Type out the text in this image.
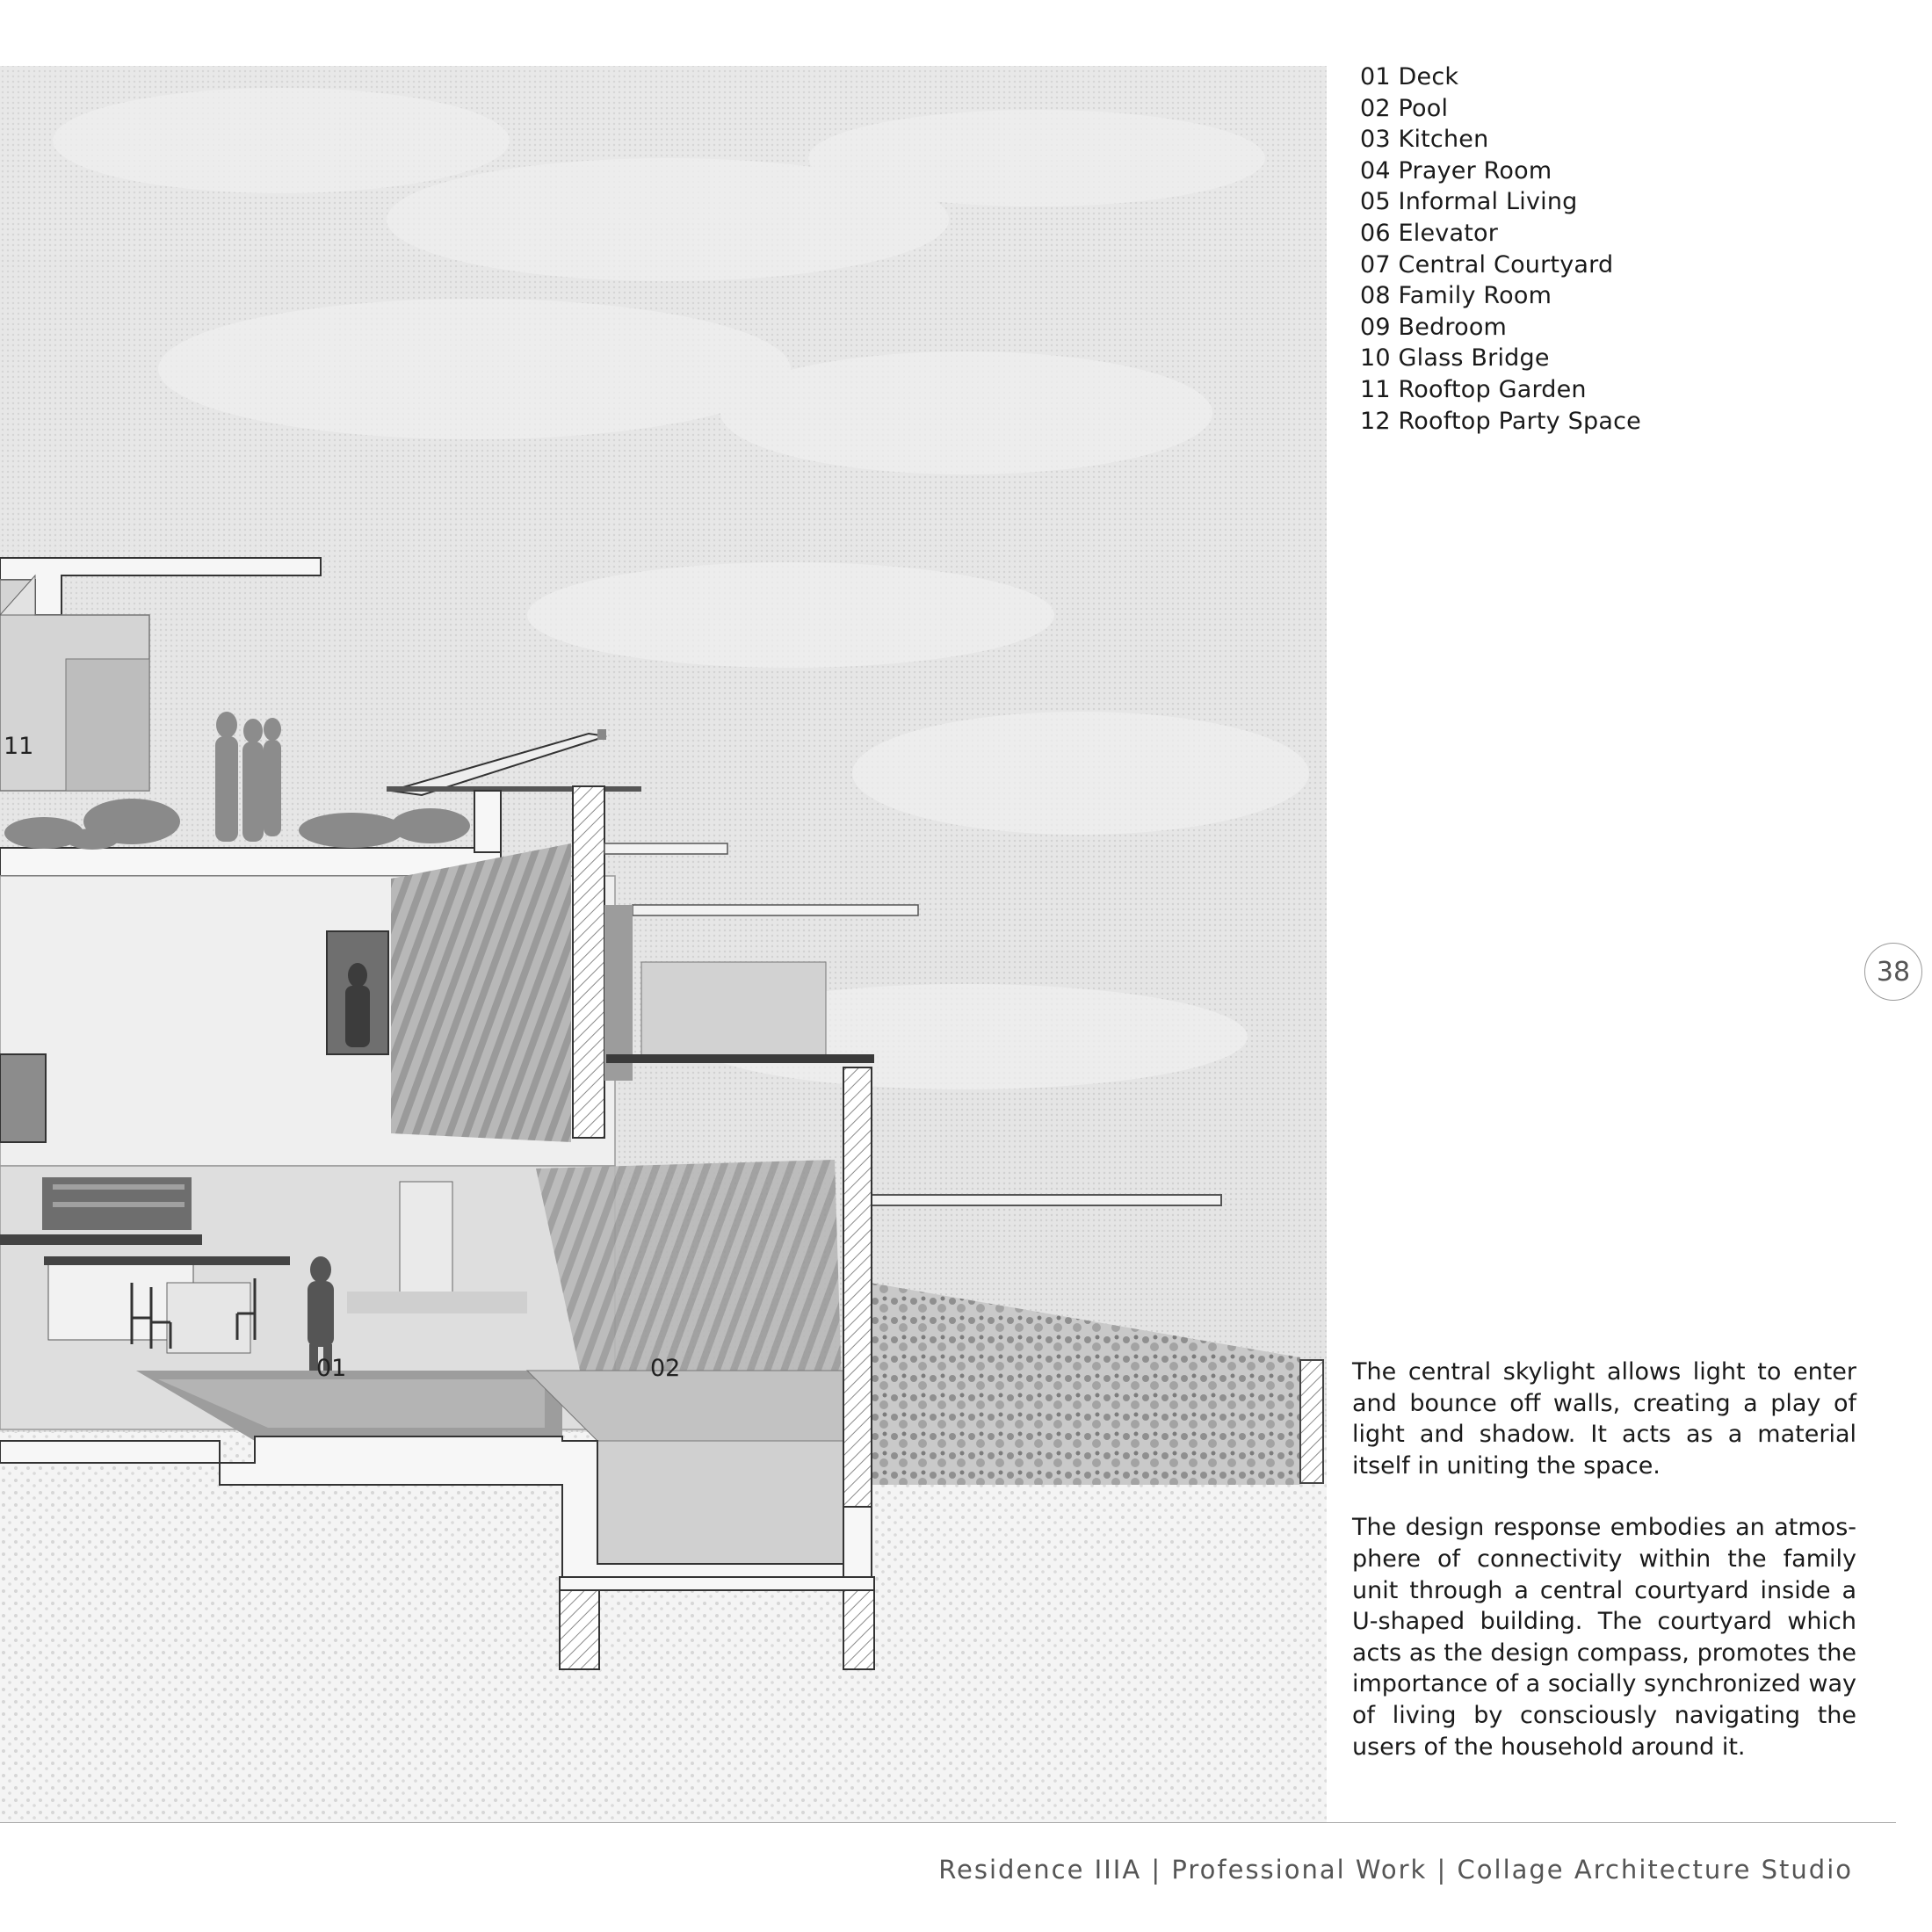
11
01	02
01 Deck
02 Pool
03 Kitchen
04 Prayer Room
05 Informal Living
06 Elevator
07 Central Courtyard
08 Family Room
09 Bedroom
10 Glass Bridge
11 Rooftop Garden
12 Rooftop Party Space
38

The central skylight allows light to enter and bounce off walls, creating a play of light and shadow. It acts as a material itself in uniting the space.

The design response embodies an atmos-phere of connectivity within the family unit through a central courtyard inside a U-shaped building. The courtyard which acts as the design compass, promotes the importance of a socially synchronized way of living by consciously navigating the users of the household around it.

Residence IIIA | Professional Work | Collage Architecture Studio
